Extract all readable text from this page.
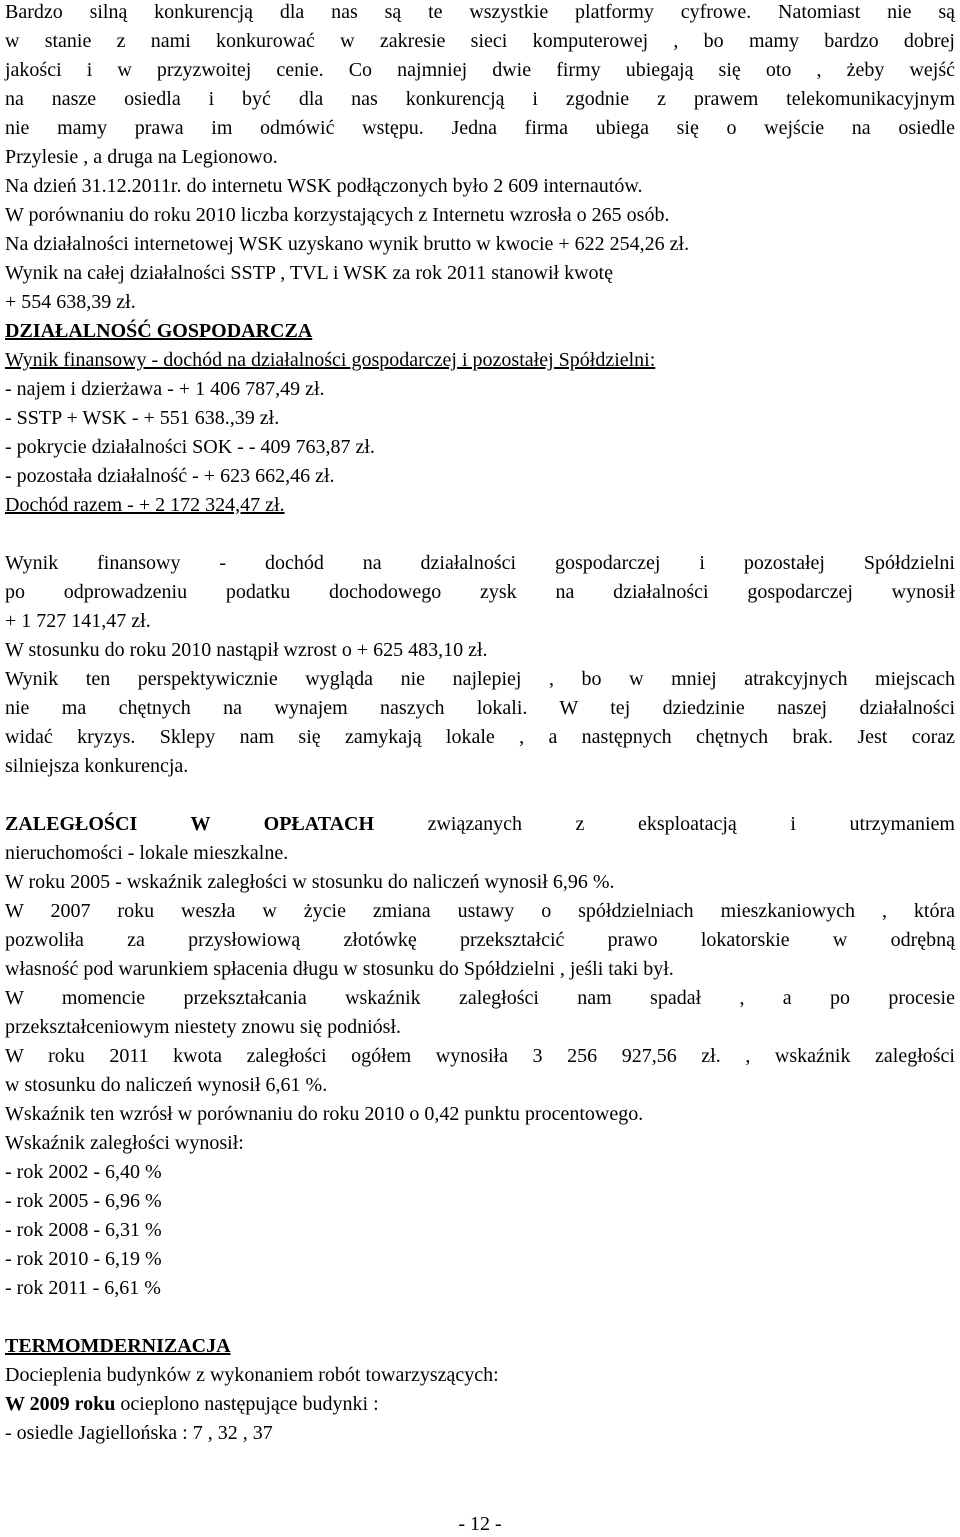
Bardzo silną konkurencją dla nas są te wszystkie platformy cyfrowe. Natomiast nie są
w stanie z nami konkurować w zakresie sieci komputerowej , bo mamy bardzo dobrej
jakości i w przyzwoitej cenie. Co najmniej dwie firmy ubiegają się oto , żeby wejść
na nasze osiedla i być dla nas konkurencją i zgodnie z prawem telekomunikacyjnym
nie mamy prawa im odmówić wstępu. Jedna firma ubiega się o wejście na osiedle
Przylesie , a druga na Legionowo.
Na dzień 31.12.2011r. do internetu WSK podłączonych było 2 609 internautów.
W porównaniu do roku 2010 liczba korzystających z Internetu wzrosła o 265 osób.
Na działalności internetowej WSK uzyskano wynik brutto w kwocie + 622 254,26 zł.
Wynik na całej działalności SSTP , TVL i WSK za rok 2011 stanowił kwotę
+ 554 638,39 zł.
DZIAŁALNOŚĆ GOSPODARCZA
Wynik finansowy - dochód na działalności gospodarczej i pozostałej Spółdzielni:
- najem i dzierżawa - + 1 406 787,49 zł.
- SSTP + WSK - + 551 638.,39 zł.
- pokrycie działalności SOK - - 409 763,87 zł.
- pozostała działalność - + 623 662,46 zł.
Dochód razem - + 2 172 324,47 zł.
Wynik finansowy - dochód na działalności gospodarczej i pozostałej Spółdzielni
po odprowadzeniu podatku dochodowego zysk na działalności gospodarczej wynosił
+ 1 727 141,47 zł.
W stosunku do roku 2010 nastąpił wzrost o + 625 483,10 zł.
Wynik ten perspektywicznie wygląda nie najlepiej , bo w mniej atrakcyjnych miejscach
nie ma chętnych na wynajem naszych lokali. W tej dziedzinie naszej działalności
widać kryzys. Sklepy nam się zamykają lokale , a następnych chętnych brak. Jest coraz
silniejsza konkurencja.
ZALEGŁOŚCI W OPŁATACH związanych z eksploatacją i utrzymaniem
nieruchomości - lokale mieszkalne.
W roku 2005 - wskaźnik zaległości w stosunku do naliczeń wynosił 6,96 %.
W 2007 roku weszła w życie zmiana ustawy o spółdzielniach mieszkaniowych , która
pozwoliła za przysłowiową złotówkę przekształcić prawo lokatorskie w odrębną
własność pod warunkiem spłacenia długu w stosunku do Spółdzielni , jeśli taki był.
W momencie przekształcania wskaźnik zaległości nam spadał , a po procesie
przekształceniowym niestety znowu się podniósł.
W roku 2011 kwota zaległości ogółem wynosiła 3 256 927,56 zł. , wskaźnik zaległości
w stosunku do naliczeń wynosił 6,61 %.
Wskaźnik ten wzrósł w porównaniu do roku 2010 o 0,42 punktu procentowego.
Wskaźnik zaległości wynosił:
- rok 2002 - 6,40 %
- rok 2005 - 6,96 %
- rok 2008 - 6,31 %
- rok 2010 - 6,19 %
- rok 2011 - 6,61 %
TERMOMDERNIZACJA
Docieplenia budynków z wykonaniem robót towarzyszących:
W 2009 roku ocieplono następujące budynki :
- osiedle Jagiellońska : 7 , 32 , 37
- 12 -
